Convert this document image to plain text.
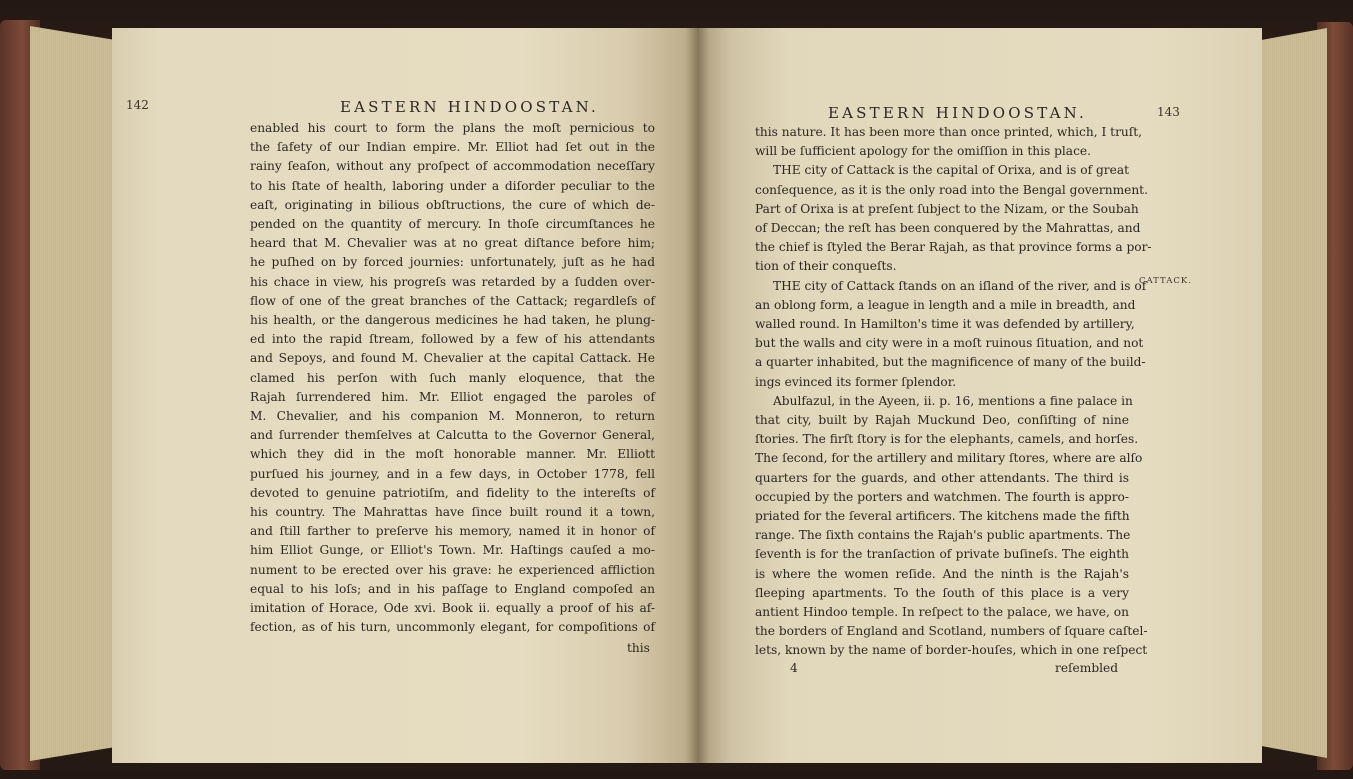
142	EASTERN HINDOOSTAN.
enabled his court to form the plans the moſt pernicious to
the ſafety of our Indian empire. Mr. Elliot had ſet out in the
rainy ſeaſon, without any proſpect of accommodation neceſſary
to his ſtate of health, laboring under a diſorder peculiar to the
eaſt, originating in bilious obſtructions, the cure of which de-
pended on the quantity of mercury. In thoſe circumſtances he
heard that M. Chevalier was at no great diſtance before him;
he puſhed on by forced journies: unfortunately, juſt as he had
his chace in view, his progreſs was retarded by a ſudden over-
flow of one of the great branches of the Cattack; regardleſs of
his health, or the dangerous medicines he had taken, he plung-
ed into the rapid ſtream, followed by a few of his attendants
and Sepoys, and found M. Chevalier at the capital Cattack. He
clamed his perſon with ſuch manly eloquence, that the
Rajah ſurrendered him. Mr. Elliot engaged the paroles of
M. Chevalier, and his companion M. Monneron, to return
and ſurrender themſelves at Calcutta to the Governor General,
which they did in the moſt honorable manner. Mr. Elliott
purſued his journey, and in a few days, in October 1778, fell
devoted to genuine patriotiſm, and fidelity to the intereſts of
his country. The Mahrattas have ſince built round it a town,
and ſtill farther to preſerve his memory, named it in honor of
him Elliot Gunge, or Elliot's Town. Mr. Haſtings cauſed a mo-
nument to be erected over his grave: he experienced affliction
equal to his loſs; and in his paſſage to England compoſed an
imitation of Horace, Ode xvi. Book ii. equally a proof of his af-
fection, as of his turn, uncommonly elegant, for compoſitions of
this
EASTERN HINDOOSTAN.	143
this nature. It has been more than once printed, which, I truſt,
will be ſufficient apology for the omiſſion in this place.
THE city of Cattack is the capital of Orixa, and is of great
conſequence, as it is the only road into the Bengal government.
Part of Orixa is at preſent ſubject to the Nizam, or the Soubah
of Deccan; the reſt has been conquered by the Mahrattas, and
the chief is ſtyled the Berar Rajah, as that province forms a por-
tion of their conqueſts.
THE city of Cattack ſtands on an iſland of the river, and is of
an oblong form, a league in length and a mile in breadth, and
walled round. In Hamilton's time it was defended by artillery,
but the walls and city were in a moſt ruinous ſituation, and not
a quarter inhabited, but the magnificence of many of the build-
ings evinced its former ſplendor.
Abulfazul, in the Ayeen, ii. p. 16, mentions a fine palace in
that city, built by Rajah Muckund Deo, conſiſting of nine
ſtories. The firſt ſtory is for the elephants, camels, and horſes.
The ſecond, for the artillery and military ſtores, where are alſo
quarters for the guards, and other attendants. The third is
occupied by the porters and watchmen. The fourth is appro-
priated for the ſeveral artificers. The kitchens made the fifth
range. The ſixth contains the Rajah's public apartments. The
ſeventh is for the tranſaction of private buſineſs. The eighth
is where the women reſide. And the ninth is the Rajah's
ſleeping apartments. To the ſouth of this place is a very
antient Hindoo temple. In reſpect to the palace, we have, on
the borders of England and Scotland, numbers of ſquare caſtel-
lets, known by the name of border-houſes, which in one reſpect
CATTACK.
4	reſembled
